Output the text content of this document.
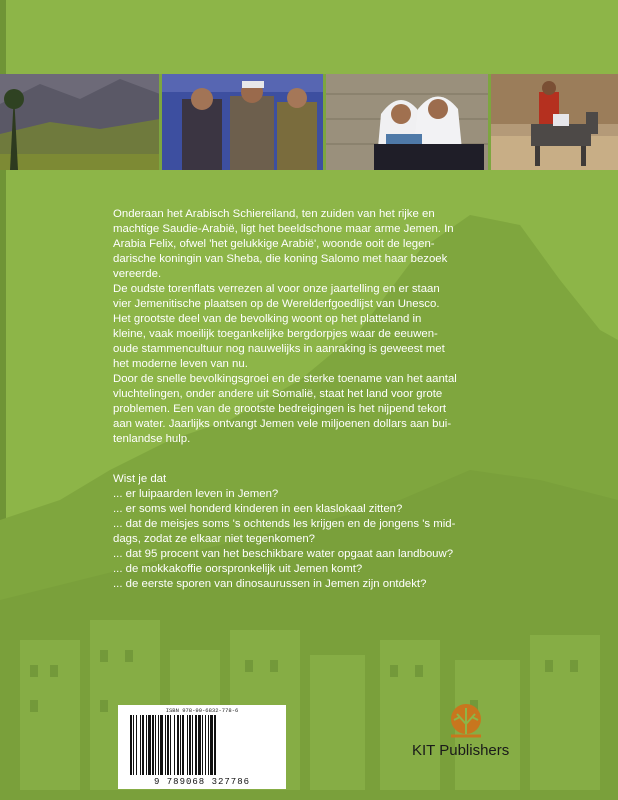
Onderaan het Arabisch Schiereiland, ten zuiden van het rijke en

machtige Saudie-Arabië, ligt het beeldschone maar arme Jemen. In

Arabia Felix, ofwel 'het gelukkige Arabië', woonde ooit de legen-

darische koningin van Sheba, die koning Salomo met haar bezoek

vereerde.

De oudste torenflats verrezen al voor onze jaartelling en er staan

vier Jemenitische plaatsen op de Werelderfgoedlijst van Unesco.

Het grootste deel van de bevolking woont op het platteland in

kleine, vaak moeilijk toegankelijke bergdorpjes waar de eeuwen-

oude stammencultuur nog nauwelijks in aanraking is geweest met

het moderne leven van nu.

Door de snelle bevolkingsgroei en de sterke toename van het aantal

vluchtelingen, onder andere uit Somalië, staat het land voor grote

problemen. Een van de grootste bedreigingen is het nijpend tekort

aan water. Jaarlijks ontvangt Jemen vele miljoenen dollars aan bui-

tenlandse hulp.

Wist je dat
... er luipaarden leven in Jemen?
... er soms wel honderd kinderen in een klaslokaal zitten?
... dat de meisjes soms 's ochtends les krijgen en de jongens 's mid-
dags, zodat ze elkaar niet tegenkomen?
... dat 95 procent van het beschikbare water opgaat aan landbouw?
... de mokkakoffie oorspronkelijk uit Jemen komt?
... de eerste sporen van dinosaurussen in Jemen zijn ontdekt?
ISBN 978-90-6832-778-6
9 789068 327786
KIT Publishers
